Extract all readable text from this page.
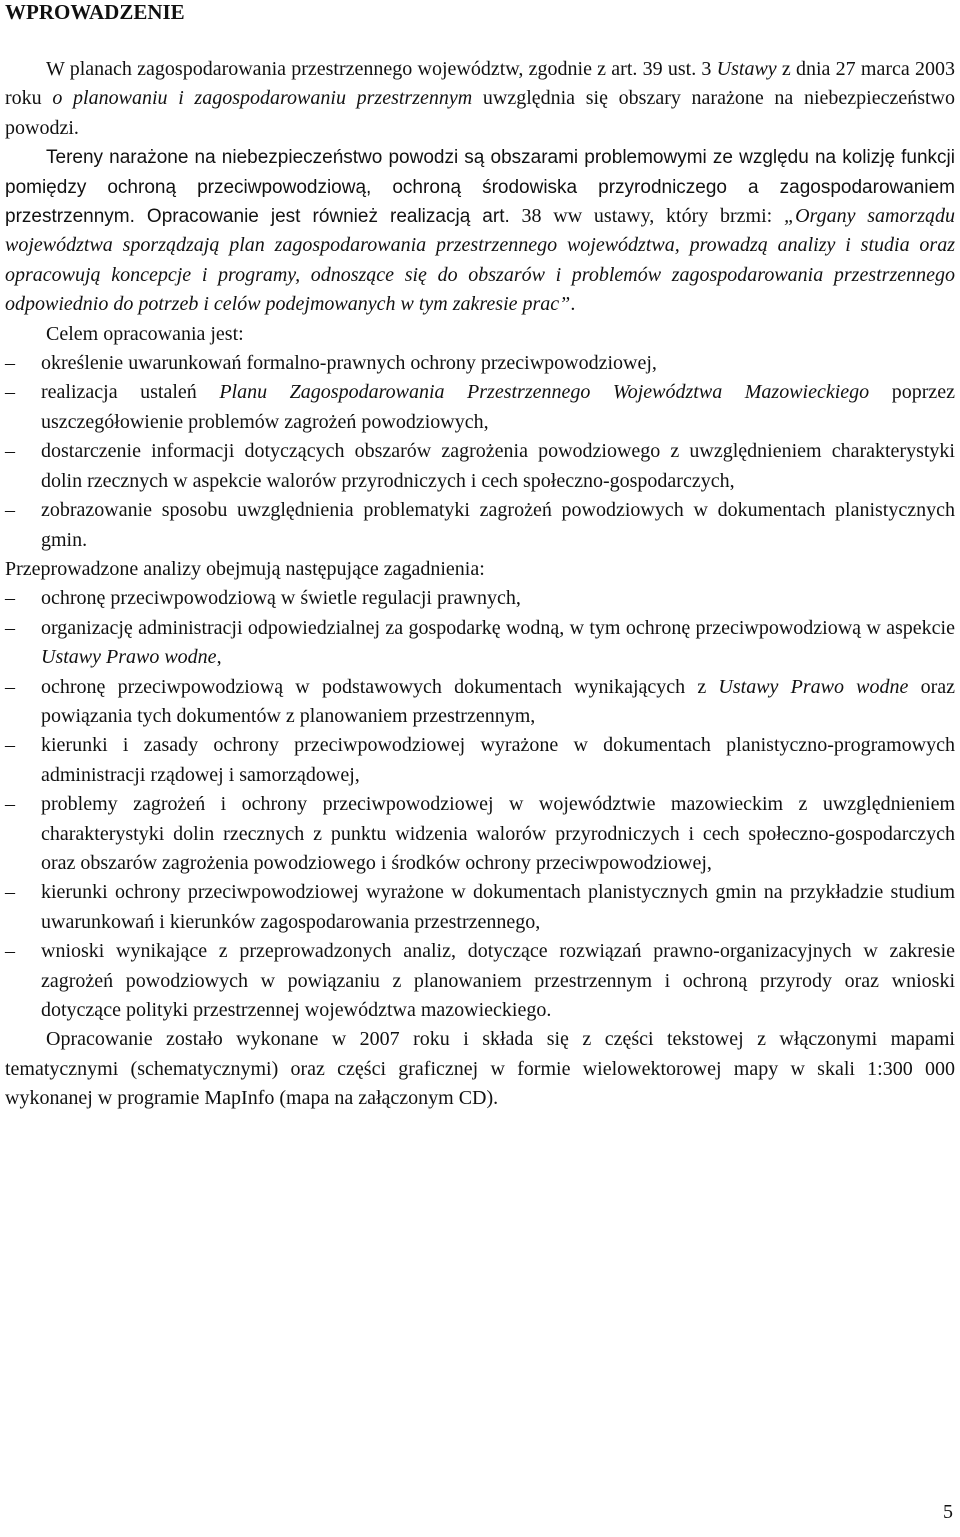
WPROWADZENIE

W planach zagospodarowania przestrzennego województw, zgodnie z art. 39 ust. 3 Ustawy z dnia 27 marca 2003 roku o planowaniu i zagospodarowaniu przestrzennym uwzględnia się obszary narażone na niebezpieczeństwo powodzi.

Tereny narażone na niebezpieczeństwo powodzi są obszarami problemowymi ze względu na kolizję funkcji pomiędzy ochroną przeciwpowodziową, ochroną środowiska przyrodniczego a zagospodarowaniem przestrzennym. Opracowanie jest również realizacją art. 38 ww ustawy, który brzmi: „Organy samorządu województwa sporządzają plan zagospodarowania przestrzennego województwa, prowadzą analizy i studia oraz opracowują koncepcje i programy, odnoszące się do obszarów i problemów zagospodarowania przestrzennego odpowiednio do potrzeb i celów podejmowanych w tym zakresie prac”.

Celem opracowania jest:

– określenie uwarunkowań formalno-prawnych ochrony przeciwpowodziowej,
– realizacja ustaleń Planu Zagospodarowania Przestrzennego Województwa Mazowieckiego poprzez uszczegółowienie problemów zagrożeń powodziowych,
– dostarczenie informacji dotyczących obszarów zagrożenia powodziowego z uwzględnieniem charakterystyki dolin rzecznych w aspekcie walorów przyrodniczych i cech społeczno-gospodarczych,
– zobrazowanie sposobu uwzględnienia problematyki zagrożeń powodziowych w dokumentach planistycznych gmin.

Przeprowadzone analizy obejmują następujące zagadnienia:

– ochronę przeciwpowodziową w świetle regulacji prawnych,
– organizację administracji odpowiedzialnej za gospodarkę wodną, w tym ochronę przeciwpowodziową w aspekcie Ustawy Prawo wodne,
– ochronę przeciwpowodziową w podstawowych dokumentach wynikających z Ustawy Prawo wodne oraz powiązania tych dokumentów z planowaniem przestrzennym,
– kierunki i zasady ochrony przeciwpowodziowej wyrażone w dokumentach planistyczno-programowych administracji rządowej i samorządowej,
– problemy zagrożeń i ochrony przeciwpowodziowej w województwie mazowieckim z uwzględnieniem charakterystyki dolin rzecznych z punktu widzenia walorów przyrodniczych i cech społeczno-gospodarczych oraz obszarów zagrożenia powodziowego i środków ochrony przeciwpowodziowej,
– kierunki ochrony przeciwpowodziowej wyrażone w dokumentach planistycznych gmin na przykładzie studium uwarunkowań i kierunków zagospodarowania przestrzennego,
– wnioski wynikające z przeprowadzonych analiz, dotyczące rozwiązań prawno-organizacyjnych w zakresie zagrożeń powodziowych w powiązaniu z planowaniem przestrzennym i ochroną przyrody oraz wnioski dotyczące polityki przestrzennej województwa mazowieckiego.

Opracowanie zostało wykonane w 2007 roku i składa się z części tekstowej z włączonymi mapami tematycznymi (schematycznymi) oraz części graficznej w formie wielowektorowej mapy w skali 1:300 000 wykonanej w programie MapInfo (mapa na załączonym CD).

5
